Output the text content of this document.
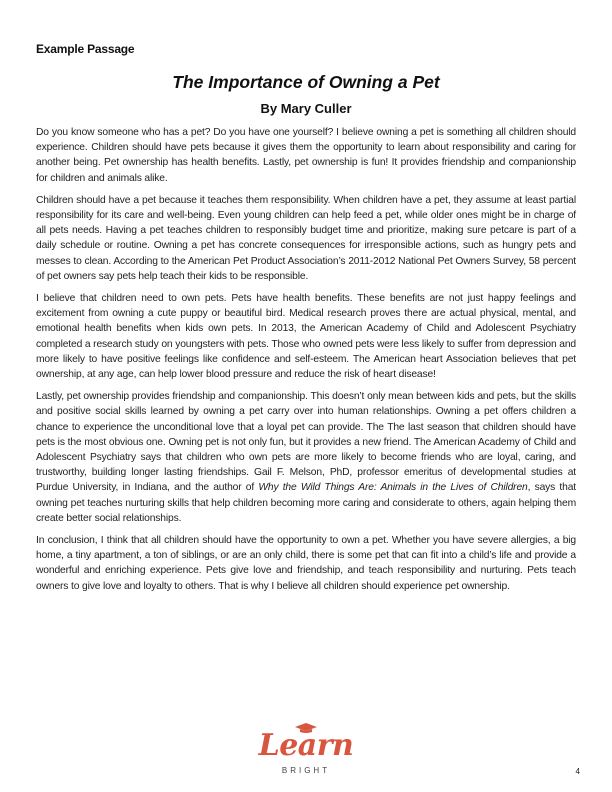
Example Passage
The Importance of Owning a Pet
By Mary Culler

Do you know someone who has a pet? Do you have one yourself? I believe owning a pet is something all children should experience. Children should have pets because it gives them the opportunity to learn about responsibility and caring for another being. Pet ownership has health benefits. Lastly, pet ownership is fun! It provides friendship and companionship for children and animals alike.

Children should have a pet because it teaches them responsibility. When children have a pet, they assume at least partial responsibility for its care and well-being. Even young children can help feed a pet, while older ones might be in charge of all pets needs. Having a pet teaches children to responsibly budget time and prioritize, making sure petcare is part of a daily schedule or routine. Owning a pet has concrete consequences for irresponsible actions, such as hungry pets and messes to clean. According to the American Pet Product Association’s 2011-2012 National Pet Owners Survey, 58 percent of pet owners say pets help teach their kids to be responsible.

I believe that children need to own pets. Pets have health benefits. These benefits are not just happy feelings and excitement from owning a cute puppy or beautiful bird. Medical research proves there are actual physical, mental, and emotional health benefits when kids own pets. In 2013, the American Academy of Child and Adolescent Psychiatry completed a research study on youngsters with pets. Those who owned pets were less likely to suffer from depression and more likely to have positive feelings like confidence and self-esteem. The American heart Association believes that pet ownership, at any age, can help lower blood pressure and reduce the risk of heart disease!

Lastly, pet ownership provides friendship and companionship. This doesn’t only mean between kids and pets, but the skills and positive social skills learned by owning a pet carry over into human relationships. Owning a pet offers children a chance to experience the unconditional love that a loyal pet can provide. The The last season that children should have pets is the most obvious one. Owning pet is not only fun, but it provides a new friend. The American Academy of Child and Adolescent Psychiatry says that children who own pets are more likely to become friends who are loyal, caring, and trustworthy, building longer lasting friendships. Gail F. Melson, PhD, professor emeritus of developmental studies at Purdue University, in Indiana, and the author of Why the Wild Things Are: Animals in the Lives of Children, says that owning pet teaches nurturing skills that help children becoming more caring and considerate to others, again helping them create better social relationships.

In conclusion, I think that all children should have the opportunity to own a pet. Whether you have severe allergies, a big home, a tiny apartment, a ton of siblings, or are an only child, there is some pet that can fit into a child’s life and provide a wonderful and enriching experience. Pets give love and friendship, and teach responsibility and nurturing. Pets teach owners to give love and loyalty to others. That is why I believe all children should experience pet ownership.

Learn
BRIGHT	4
